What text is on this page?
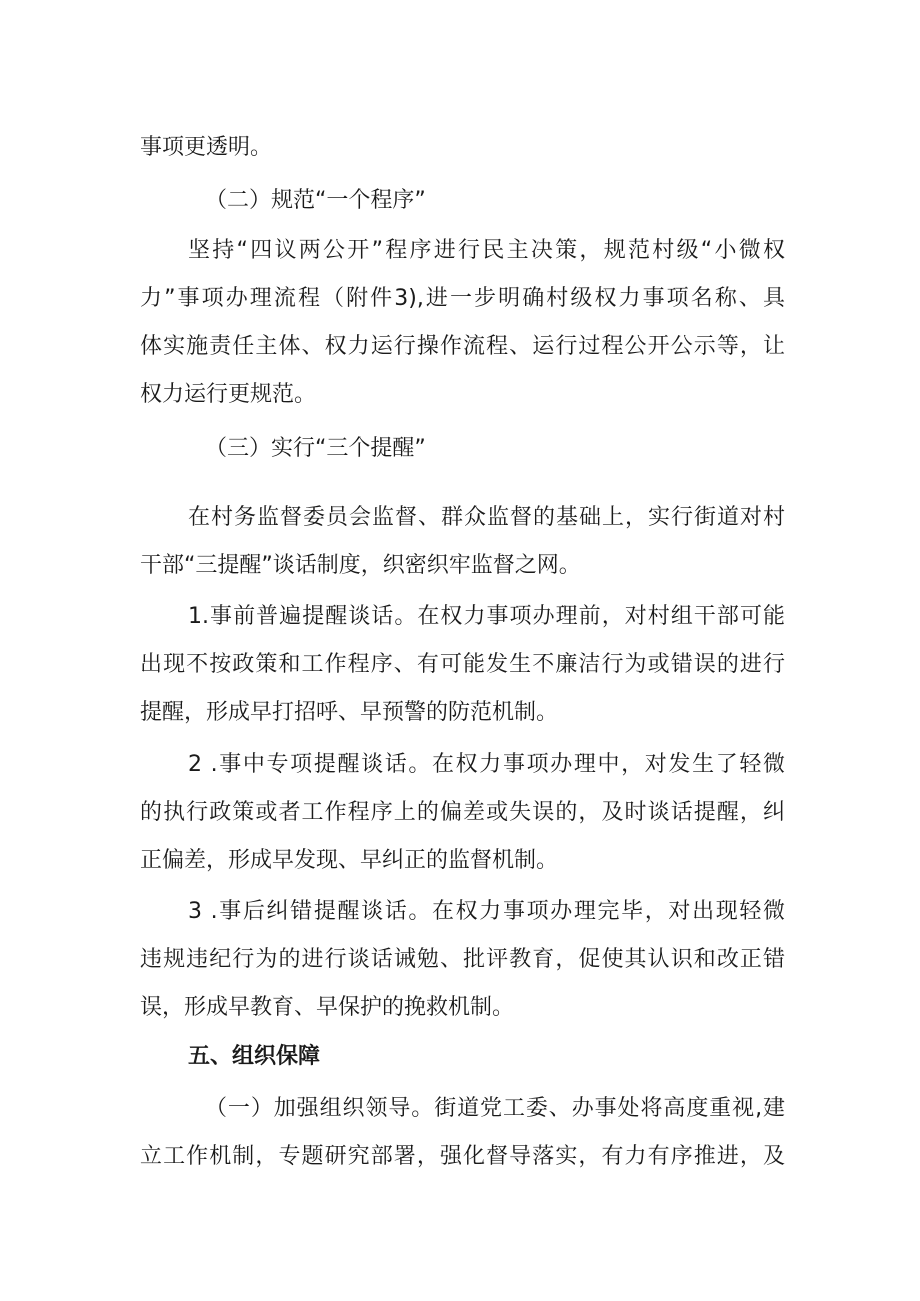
事项更透明。
（二）规范“一个程序”
坚持“四议两公开”程序进行民主决策，规范村级“小微权
力”事项办理流程（附件3),进一步明确村级权力事项名称、具
体实施责任主体、权力运行操作流程、运行过程公开公示等，让
权力运行更规范。
（三）实行“三个提醒”
在村务监督委员会监督、群众监督的基础上，实行街道对村
干部“三提醒”谈话制度，织密织牢监督之网。
1.事前普遍提醒谈话。在权力事项办理前，对村组干部可能
出现不按政策和工作程序、有可能发生不廉洁行为或错误的进行
提醒，形成早打招呼、早预警的防范机制。
2 .事中专项提醒谈话。在权力事项办理中，对发生了轻微
的执行政策或者工作程序上的偏差或失误的，及时谈话提醒，纠
正偏差，形成早发现、早纠正的监督机制。
3 .事后纠错提醒谈话。在权力事项办理完毕，对出现轻微
违规违纪行为的进行谈话诫勉、批评教育，促使其认识和改正错
误，形成早教育、早保护的挽救机制。
五、组织保障
（一）加强组织领导。街道党工委、办事处将高度重视,建
立工作机制，专题研究部署，强化督导落实，有力有序推进，及
